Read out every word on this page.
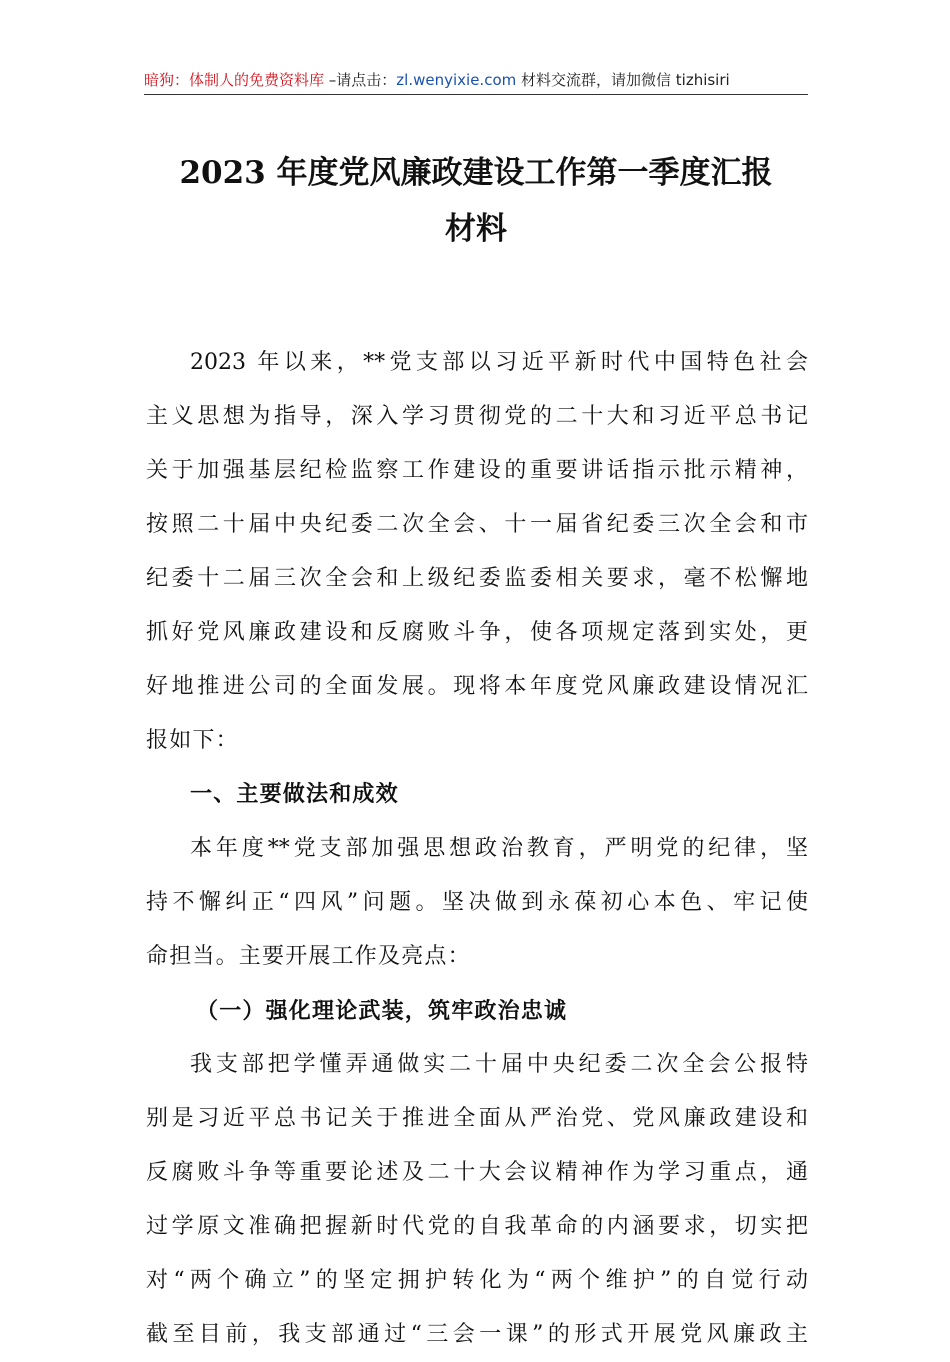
暗狗：体制人的免费资料库 –请点击：zl.wenyixie.com 材料交流群，请加微信 tizhisiri
2023 年度党风廉政建设工作第一季度汇报
材料
2023 年以来，**党支部以习近平新时代中国特色社会
主义思想为指导，深入学习贯彻党的二十大和习近平总书记
关于加强基层纪检监察工作建设的重要讲话指示批示精神，
按照二十届中央纪委二次全会、十一届省纪委三次全会和市
纪委十二届三次全会和上级纪委监委相关要求，毫不松懈地
抓好党风廉政建设和反腐败斗争，使各项规定落到实处，更
好地推进公司的全面发展。现将本年度党风廉政建设情况汇
报如下：
一、主要做法和成效
本年度**党支部加强思想政治教育，严明党的纪律，坚
持不懈纠正“四风”问题。坚决做到永葆初心本色、牢记使
命担当。主要开展工作及亮点：
（一）强化理论武装，筑牢政治忠诚
我支部把学懂弄通做实二十届中央纪委二次全会公报特
别是习近平总书记关于推进全面从严治党、党风廉政建设和
反腐败斗争等重要论述及二十大会议精神作为学习重点，通
过学原文准确把握新时代党的自我革命的内涵要求，切实把
对“两个确立”的坚定拥护转化为“两个维护”的自觉行动
截至目前，我支部通过“三会一课”的形式开展党风廉政主
